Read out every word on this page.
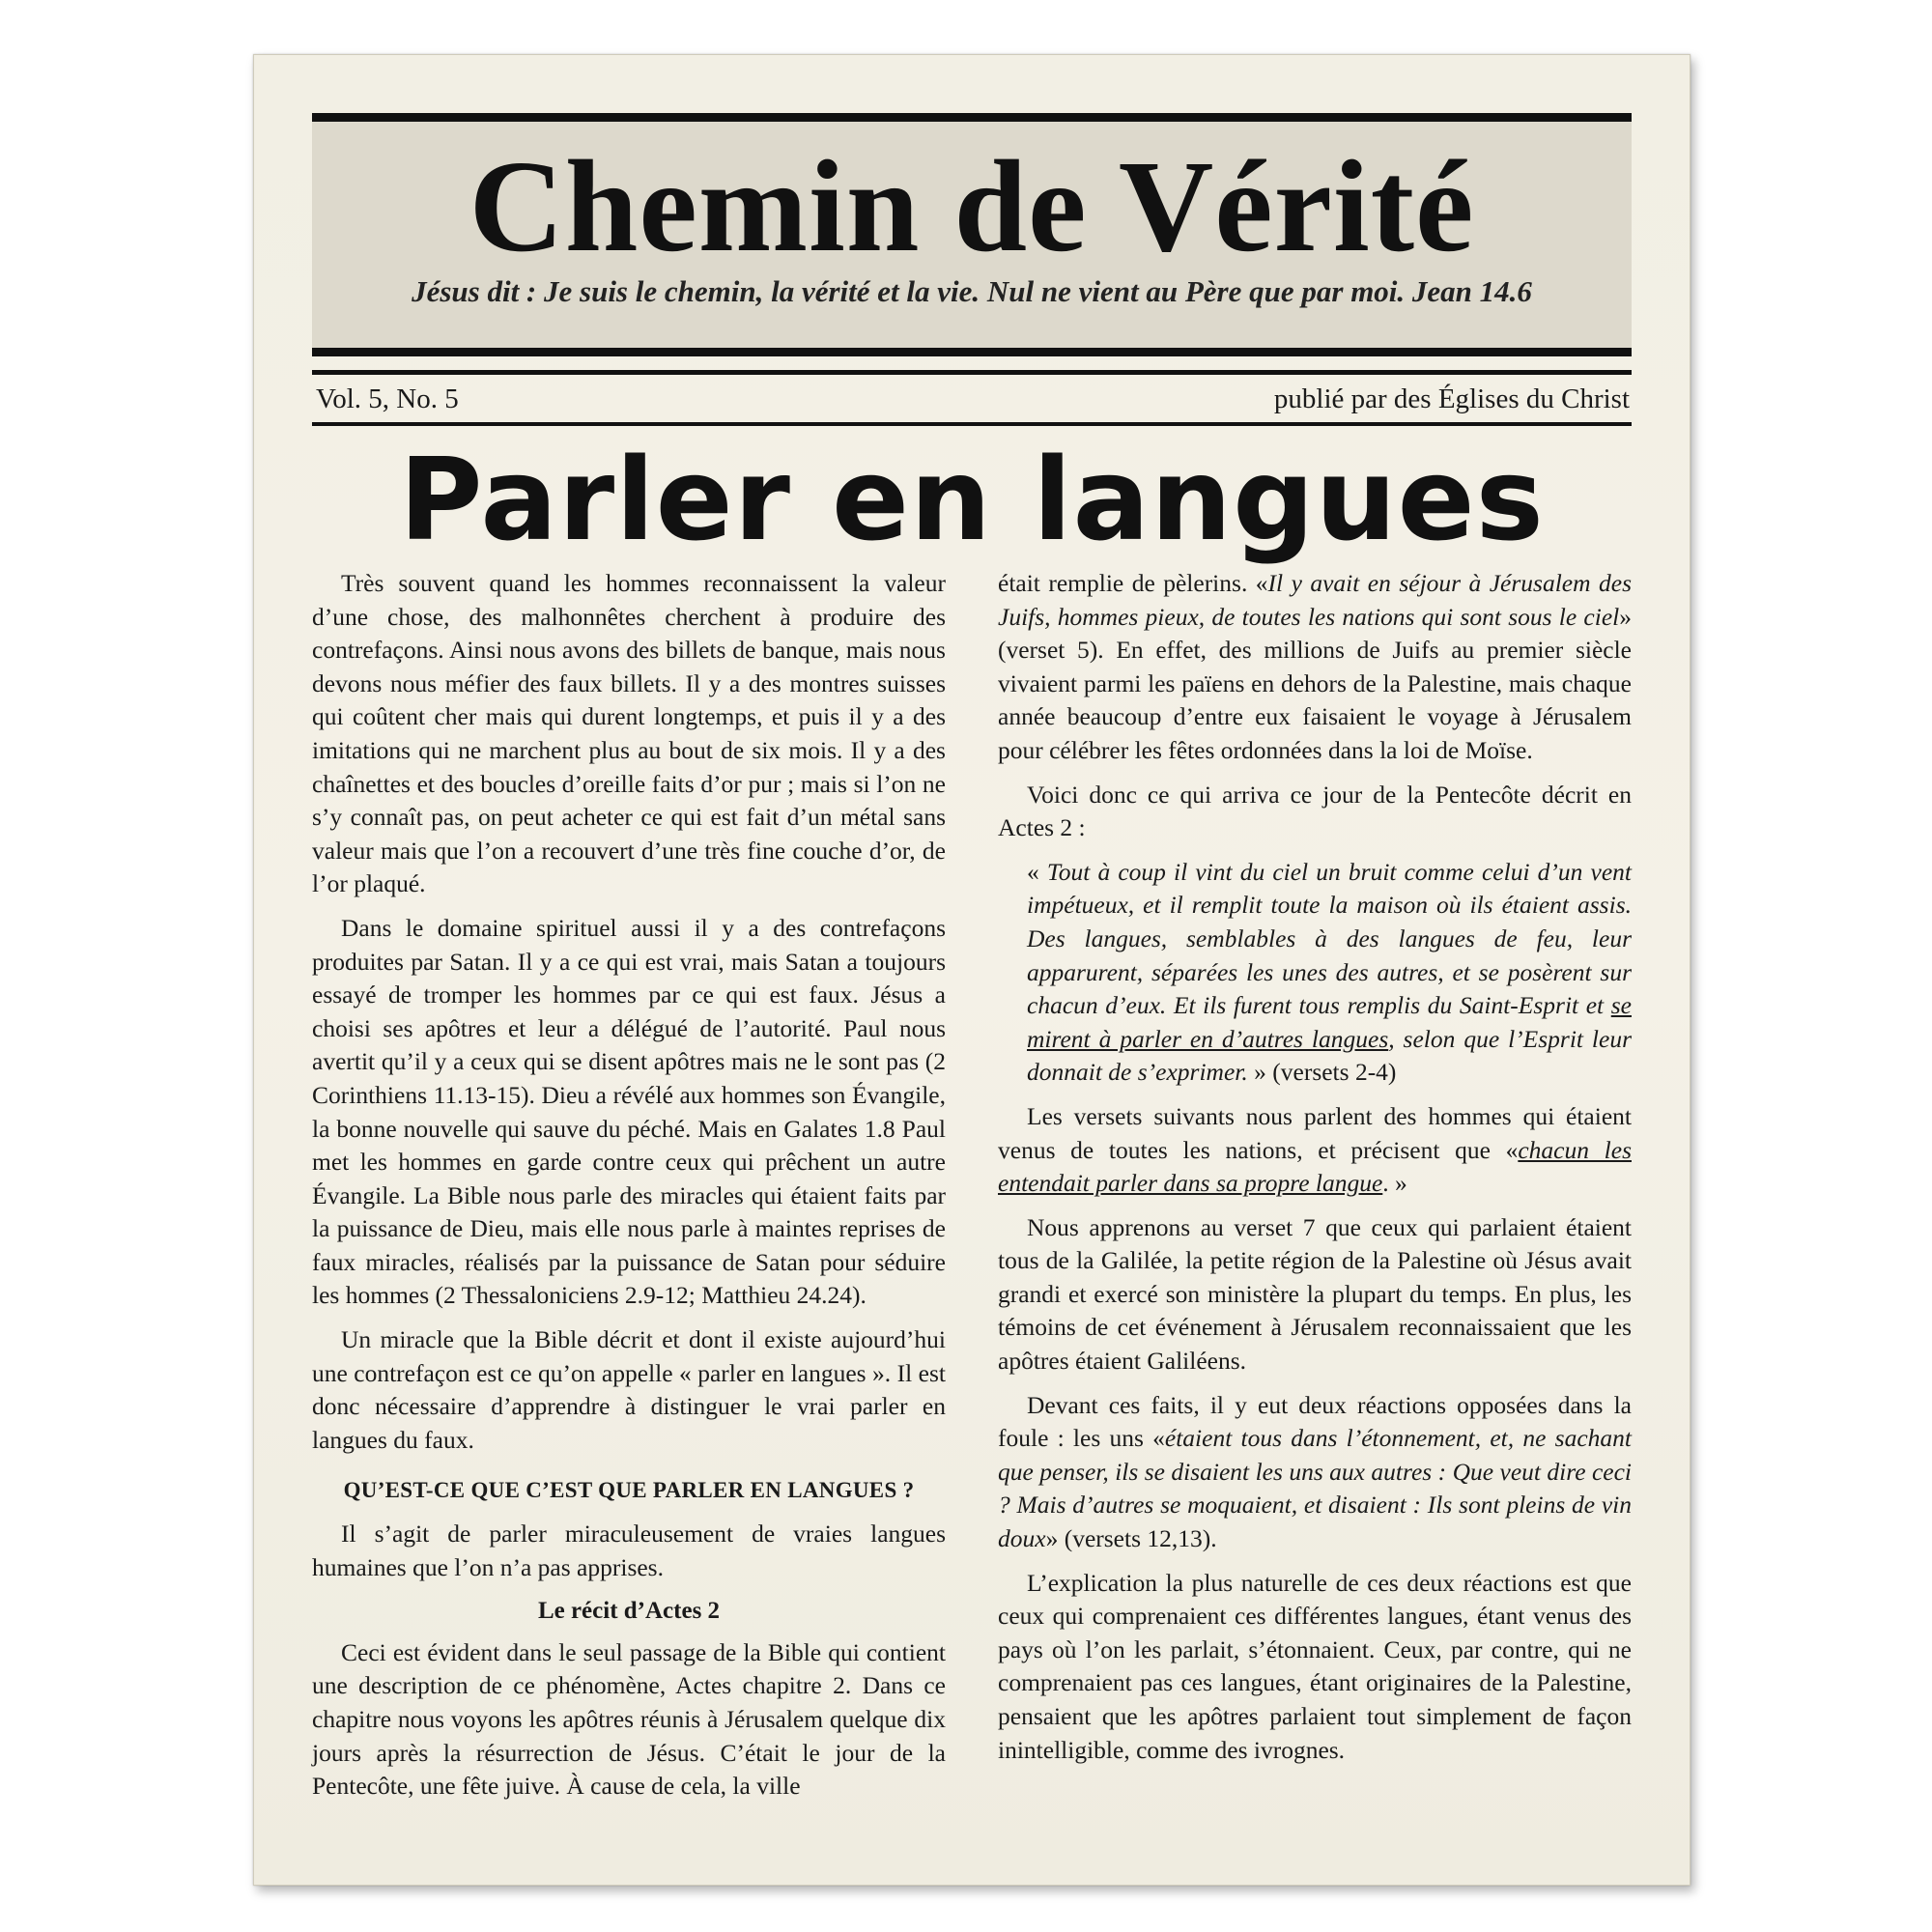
Chemin de Vérité
Jésus dit : Je suis le chemin, la vérité et la vie. Nul ne vient au Père que par moi. Jean 14.6
Vol. 5, No. 5	publié par des Églises du Christ
Parler en langues

Très souvent quand les hommes reconnaissent la valeur d’une chose, des malhonnêtes cherchent à produire des contrefaçons. Ainsi nous avons des billets de banque, mais nous devons nous méfier des faux billets. Il y a des montres suisses qui coûtent cher mais qui durent longtemps, et puis il y a des imitations qui ne marchent plus au bout de six mois. Il y a des chaînettes et des boucles d’oreille faits d’or pur ; mais si l’on ne s’y connaît pas, on peut acheter ce qui est fait d’un métal sans valeur mais que l’on a recouvert d’une très fine couche d’or, de l’or plaqué.

Dans le domaine spirituel aussi il y a des contrefaçons produites par Satan. Il y a ce qui est vrai, mais Satan a toujours essayé de tromper les hommes par ce qui est faux. Jésus a choisi ses apôtres et leur a délégué de l’autorité. Paul nous avertit qu’il y a ceux qui se disent apôtres mais ne le sont pas (2 Corinthiens 11.13-15). Dieu a révélé aux hommes son Évangile, la bonne nouvelle qui sauve du péché. Mais en Galates 1.8 Paul met les hommes en garde contre ceux qui prêchent un autre Évangile. La Bible nous parle des miracles qui étaient faits par la puissance de Dieu, mais elle nous parle à maintes reprises de faux miracles, réalisés par la puissance de Satan pour séduire les hommes (2 Thessaloniciens 2.9-12; Matthieu 24.24).

Un miracle que la Bible décrit et dont il existe aujourd’hui une contrefaçon est ce qu’on appelle « parler en langues ». Il est donc nécessaire d’apprendre à distinguer le vrai parler en langues du faux.

QU’EST-CE QUE C’EST QUE PARLER EN LANGUES ?

Il s’agit de parler miraculeusement de vraies langues humaines que l’on n’a pas apprises.

Le récit d’Actes 2

Ceci est évident dans le seul passage de la Bible qui contient une description de ce phénomène, Actes chapitre 2. Dans ce chapitre nous voyons les apôtres réunis à Jérusalem quelque dix jours après la résurrection de Jésus. C’était le jour de la Pentecôte, une fête juive. À cause de cela, la ville

était remplie de pèlerins. «Il y avait en séjour à Jérusalem des Juifs, hommes pieux, de toutes les nations qui sont sous le ciel» (verset 5). En effet, des millions de Juifs au premier siècle vivaient parmi les païens en dehors de la Palestine, mais chaque année beaucoup d’entre eux faisaient le voyage à Jérusalem pour célébrer les fêtes ordonnées dans la loi de Moïse.

Voici donc ce qui arriva ce jour de la Pentecôte décrit en Actes 2 :

« Tout à coup il vint du ciel un bruit comme celui d’un vent impétueux, et il remplit toute la maison où ils étaient assis. Des langues, semblables à des langues de feu, leur apparurent, séparées les unes des autres, et se posèrent sur chacun d’eux. Et ils furent tous remplis du Saint-Esprit et se mirent à parler en d’autres langues, selon que l’Esprit leur donnait de s’exprimer. » (versets 2-4)

Les versets suivants nous parlent des hommes qui étaient venus de toutes les nations, et précisent que «chacun les entendait parler dans sa propre langue. »

Nous apprenons au verset 7 que ceux qui parlaient étaient tous de la Galilée, la petite région de la Palestine où Jésus avait grandi et exercé son ministère la plupart du temps. En plus, les témoins de cet événement à Jérusalem reconnaissaient que les apôtres étaient Galiléens.

Devant ces faits, il y eut deux réactions opposées dans la foule : les uns «étaient tous dans l’étonnement, et, ne sachant que penser, ils se disaient les uns aux autres : Que veut dire ceci ? Mais d’autres se moquaient, et disaient : Ils sont pleins de vin doux» (versets 12,13).

L’explication la plus naturelle de ces deux réactions est que ceux qui comprenaient ces différentes langues, étant venus des pays où l’on les parlait, s’étonnaient. Ceux, par contre, qui ne comprenaient pas ces langues, étant originaires de la Palestine, pensaient que les apôtres parlaient tout simplement de façon inintelligible, comme des ivrognes.
